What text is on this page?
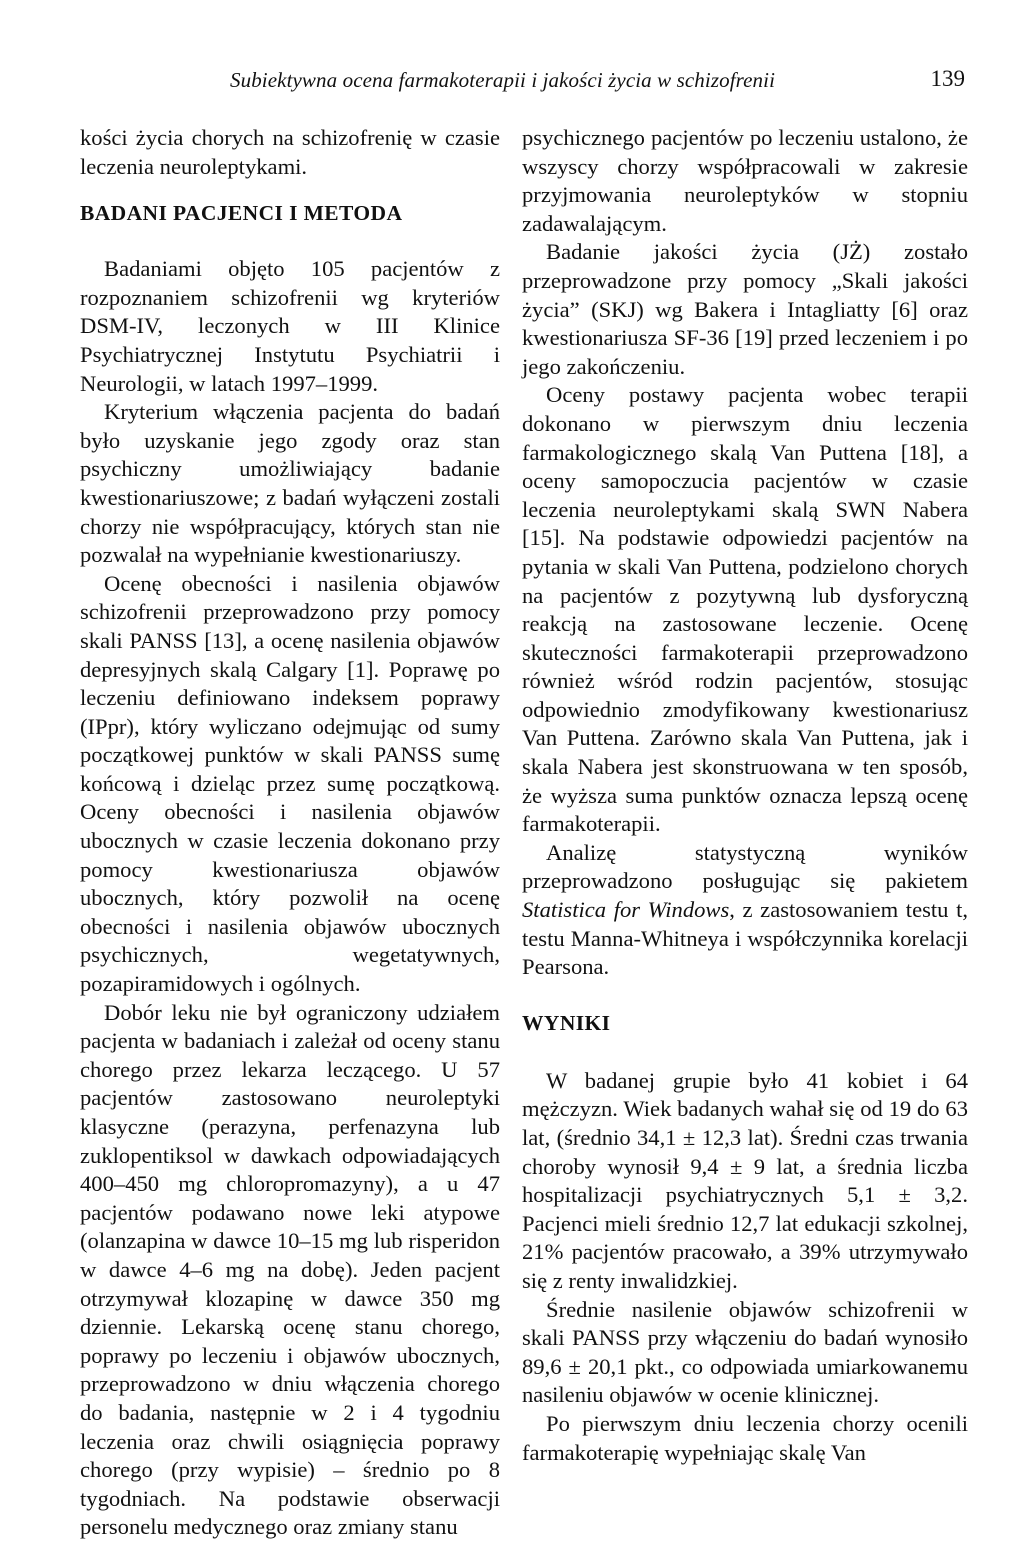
Subiektywna ocena farmakoterapii i jakości życia w schizofrenii	139

kości życia chorych na schizofrenię w czasie leczenia neuroleptykami.

BADANI PACJENCI I METODA

Badaniami objęto 105 pacjentów z rozpoznaniem schizofrenii wg kryteriów DSM-IV, leczonych w III Klinice Psychiatrycznej Instytutu Psychiatrii i Neurologii, w latach 1997–1999.

Kryterium włączenia pacjenta do badań było uzyskanie jego zgody oraz stan psychiczny umożliwiający badanie kwestionariuszowe; z badań wyłączeni zostali chorzy nie współpracujący, których stan nie pozwalał na wypełnianie kwestionariuszy.

Ocenę obecności i nasilenia objawów schizofrenii przeprowadzono przy pomocy skali PANSS [13], a ocenę nasilenia objawów depresyjnych skalą Calgary [1]. Poprawę po leczeniu definiowano indeksem poprawy (IPpr), który wyliczano odejmując od sumy początkowej punktów w skali PANSS sumę końcową i dzieląc przez sumę początkową. Oceny obecności i nasilenia objawów ubocznych w czasie leczenia dokonano przy pomocy kwestionariusza objawów ubocznych, który pozwolił na ocenę obecności i nasilenia objawów ubocznych psychicznych, wegetatywnych, pozapiramidowych i ogólnych.

Dobór leku nie był ograniczony udziałem pacjenta w badaniach i zależał od oceny stanu chorego przez lekarza leczącego. U 57 pacjentów zastosowano neuroleptyki klasyczne (perazyna, perfenazyna lub zuklopentiksol w dawkach odpowiadających 400–450 mg chloropromazyny), a u 47 pacjentów podawano nowe leki atypowe (olanzapina w dawce 10–15 mg lub risperidon w dawce 4–6 mg na dobę). Jeden pacjent otrzymywał klozapinę w dawce 350 mg dziennie. Lekarską ocenę stanu chorego, poprawy po leczeniu i objawów ubocznych, przeprowadzono w dniu włączenia chorego do badania, następnie w 2 i 4 tygodniu leczenia oraz chwili osiągnięcia poprawy chorego (przy wypisie) – średnio po 8 tygodniach. Na podstawie obserwacji personelu medycznego oraz zmiany stanu

psychicznego pacjentów po leczeniu ustalono, że wszyscy chorzy współpracowali w zakresie przyjmowania neuroleptyków w stopniu zadawalającym.

Badanie jakości życia (JŻ) zostało przeprowadzone przy pomocy „Skali jakości życia” (SKJ) wg Bakera i Intagliatty [6] oraz kwestionariusza SF-36 [19] przed leczeniem i po jego zakończeniu.

Oceny postawy pacjenta wobec terapii dokonano w pierwszym dniu leczenia farmakologicznego skalą Van Puttena [18], a oceny samopoczucia pacjentów w czasie leczenia neuroleptykami skalą SWN Nabera [15]. Na podstawie odpowiedzi pacjentów na pytania w skali Van Puttena, podzielono chorych na pacjentów z pozytywną lub dysforyczną reakcją na zastosowane leczenie. Ocenę skuteczności farmakoterapii przeprowadzono również wśród rodzin pacjentów, stosując odpowiednio zmodyfikowany kwestionariusz Van Puttena. Zarówno skala Van Puttena, jak i skala Nabera jest skonstruowana w ten sposób, że wyższa suma punktów oznacza lepszą ocenę farmakoterapii.

Analizę statystyczną wyników przeprowadzono posługując się pakietem Statistica for Windows, z zastosowaniem testu t, testu Manna-Whitneya i współczynnika korelacji Pearsona.

WYNIKI

W badanej grupie było 41 kobiet i 64 mężczyzn. Wiek badanych wahał się od 19 do 63 lat, (średnio 34,1 ± 12,3 lat). Średni czas trwania choroby wynosił 9,4 ± 9 lat, a średnia liczba hospitalizacji psychiatrycznych 5,1 ± 3,2. Pacjenci mieli średnio 12,7 lat edukacji szkolnej, 21% pacjentów pracowało, a 39% utrzymywało się z renty inwalidzkiej.

Średnie nasilenie objawów schizofrenii w skali PANSS przy włączeniu do badań wynosiło 89,6 ± 20,1 pkt., co odpowiada umiarkowanemu nasileniu objawów w ocenie klinicznej.

Po pierwszym dniu leczenia chorzy ocenili farmakoterapię wypełniając skalę Van
